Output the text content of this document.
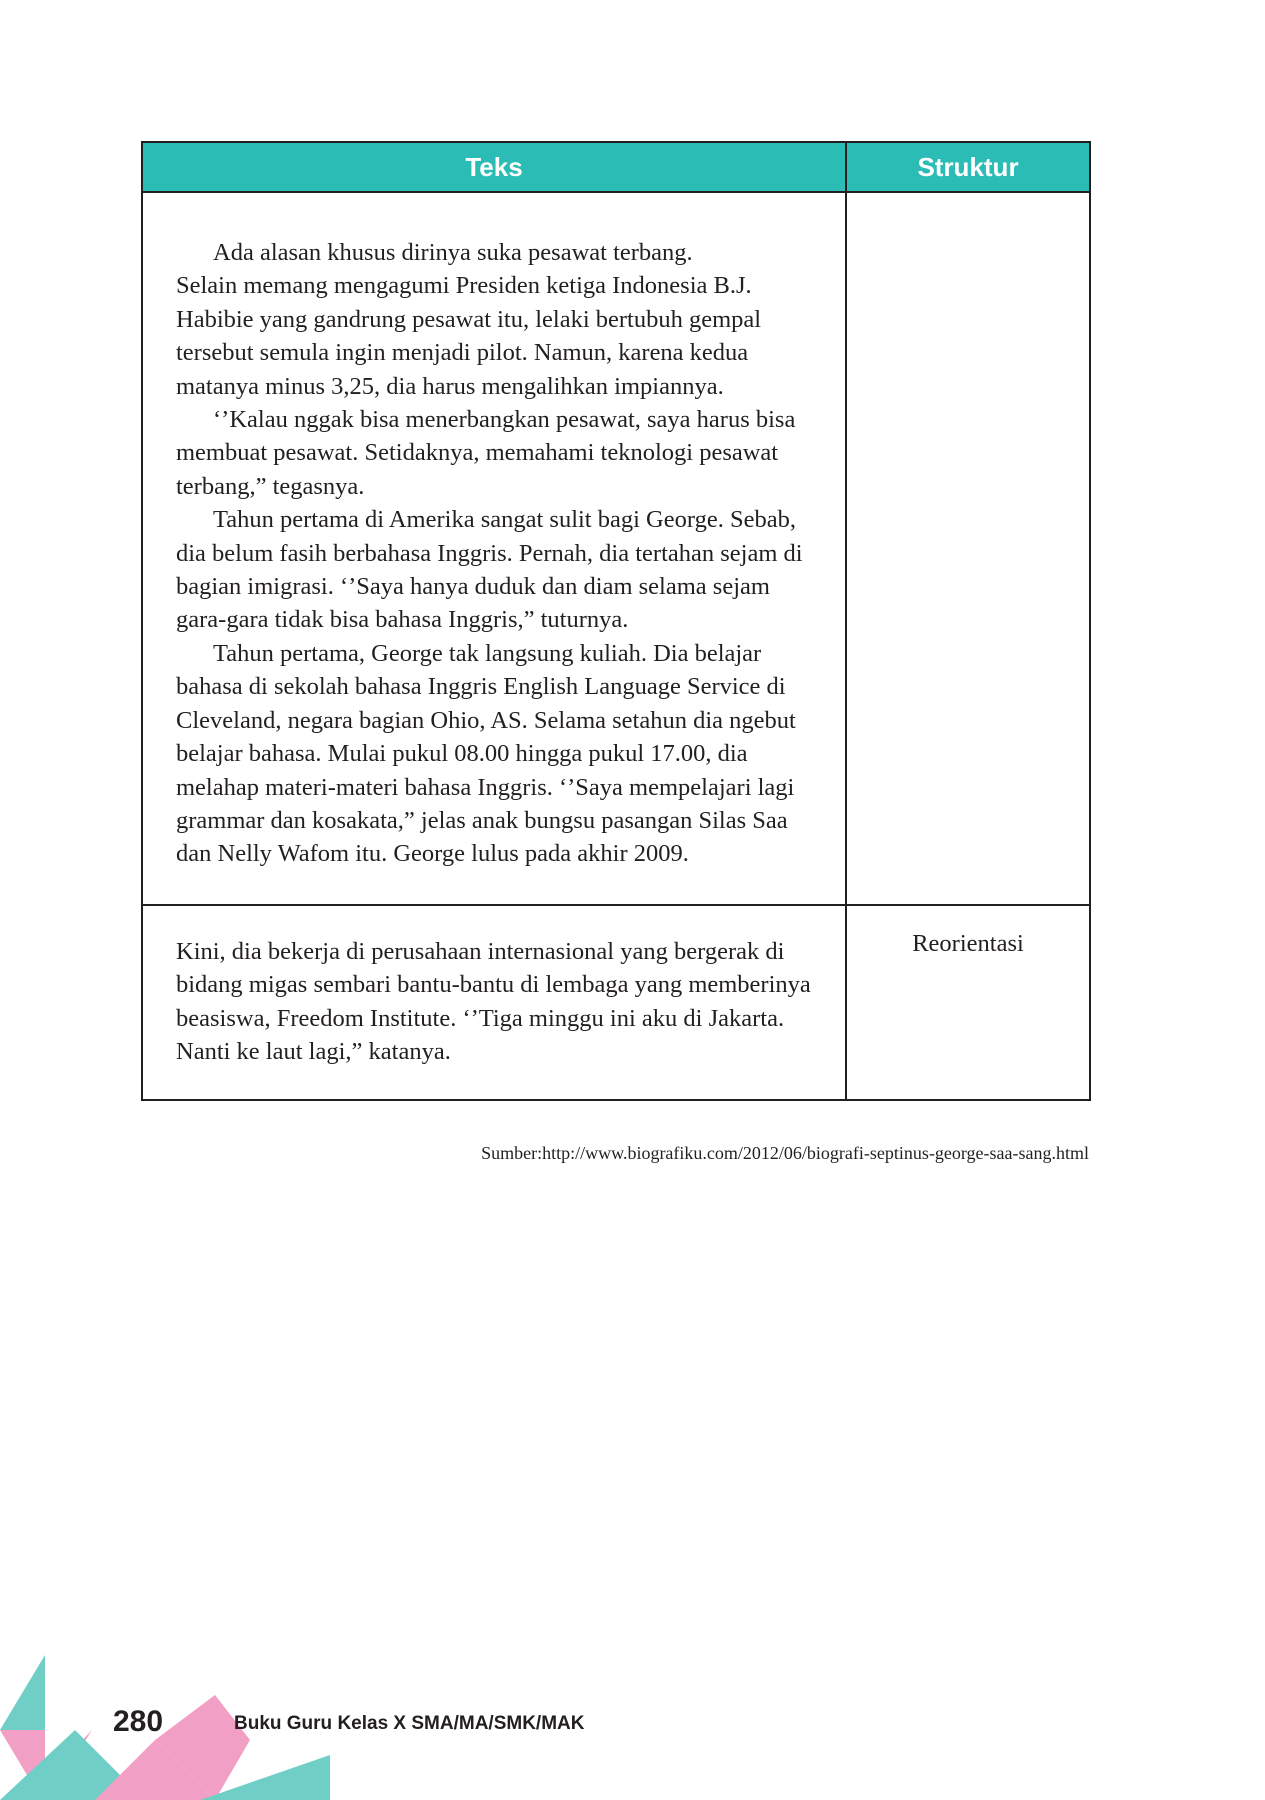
Teks	Struktur

Ada alasan khusus dirinya suka pesawat terbang.

Selain memang mengagumi Presiden ketiga Indonesia B.J. Habibie yang gandrung pesawat itu, lelaki bertubuh gempal tersebut semula ingin menjadi pilot. Namun, karena kedua matanya minus 3,25, dia harus mengalihkan impiannya.

‘’Kalau nggak bisa menerbangkan pesawat, saya harus bisa membuat pesawat. Setidaknya, memahami teknologi pesawat terbang,” tegasnya.

Tahun pertama di Amerika sangat sulit bagi George. Sebab, dia belum fasih berbahasa Inggris. Pernah, dia tertahan sejam di bagian imigrasi. ‘’Saya hanya duduk dan diam selama sejam gara-gara tidak bisa bahasa Inggris,” tuturnya.

Tahun pertama, George tak langsung kuliah. Dia belajar bahasa di sekolah bahasa Inggris English Language Service di Cleveland, negara bagian Ohio, AS. Selama setahun dia ngebut belajar bahasa. Mulai pukul 08.00 hingga pukul 17.00, dia melahap materi-materi bahasa Inggris. ‘’Saya mempelajari lagi grammar dan kosakata,” jelas anak bungsu pasangan Silas Saa dan Nelly Wafom itu. George lulus pada akhir 2009.	

Kini, dia bekerja di perusahaan internasional yang bergerak di bidang migas sembari bantu-bantu di lembaga yang memberinya beasiswa, Freedom Institute. ‘’Tiga minggu ini aku di Jakarta. Nanti ke laut lagi,” katanya.	Reorientasi
Sumber:http://www.biografiku.com/2012/06/biografi-septinus-george-saa-sang.html
280	Buku Guru Kelas X SMA/MA/SMK/MAK
